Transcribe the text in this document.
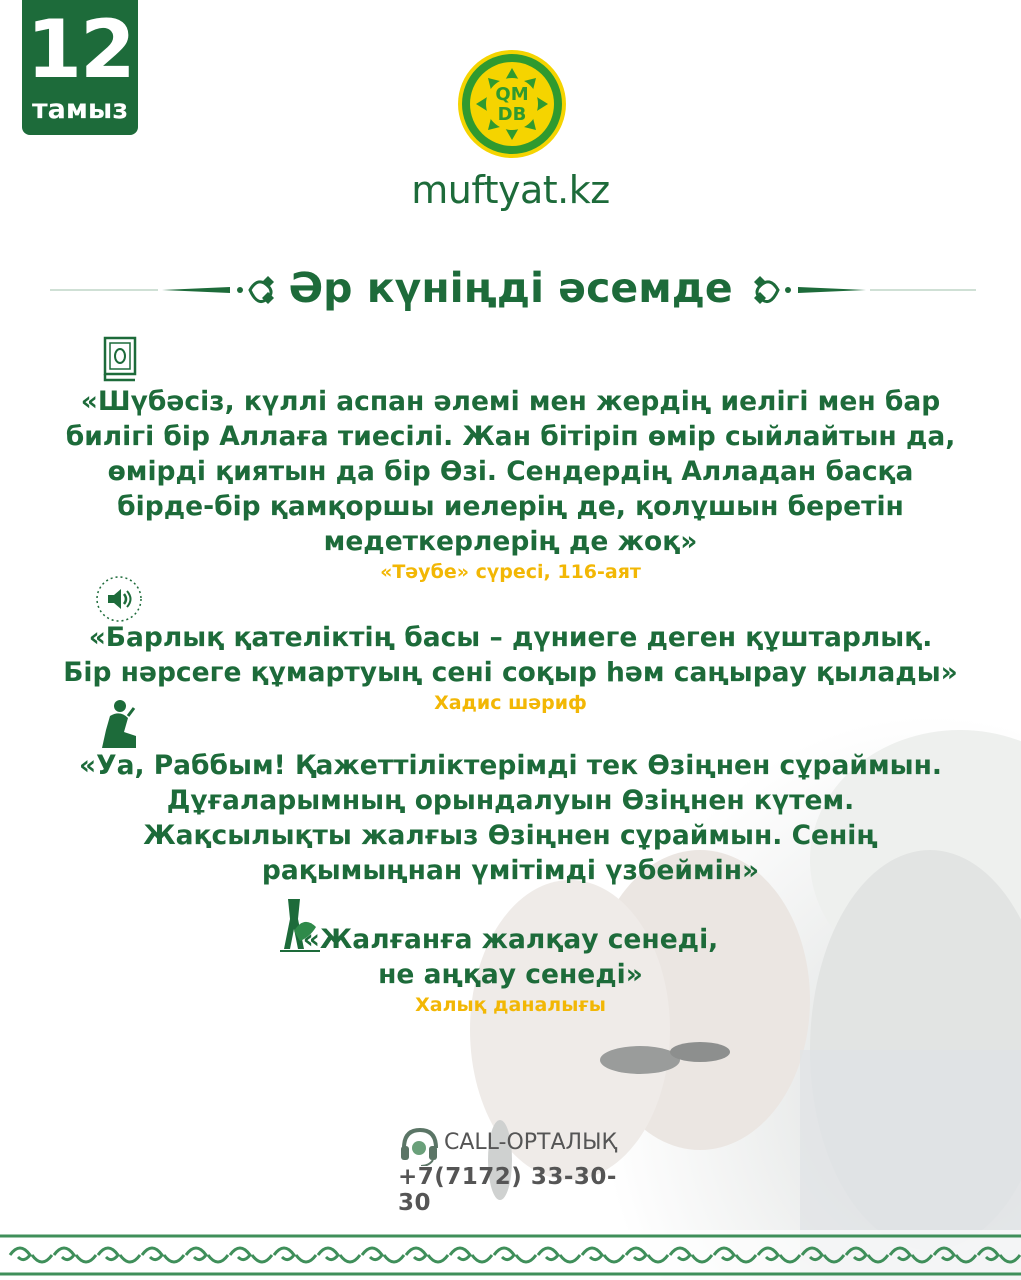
12
тамыз	QM
DB
muftyat.kz
Әр күніңді әсемде
«Шүбәсіз, күллі аспан әлемі мен жердің иелігі мен бар
билігі бір Аллаға тиесілі. Жан бітіріп өмір сыйлайтын да,
өмірді қиятын да бір Өзі. Сендердің Алладан басқа
бірде-бір қамқоршы иелерің де, қолұшын беретін
медеткерлерің де жоқ»
«Тәубе» сүресі, 116-аят
«Барлық қателіктің басы – дүниеге деген құштарлық.
Бір нәрсеге құмартуың сені соқыр һәм саңырау қылады»
Хадис шәриф
«Уа, Раббым! Қажеттіліктерімді тек Өзіңнен сұраймын.
Дұғаларымның орындалуын Өзіңнен күтем.
Жақсылықты жалғыз Өзіңнен сұраймын. Сенің
рақымыңнан үмітімді үзбеймін»
«Жалғанға жалқау сенеді,
не аңқау сенеді»
Халық даналығы
CALL-ОРТАЛЫҚ
+7(7172) 33-30-30
